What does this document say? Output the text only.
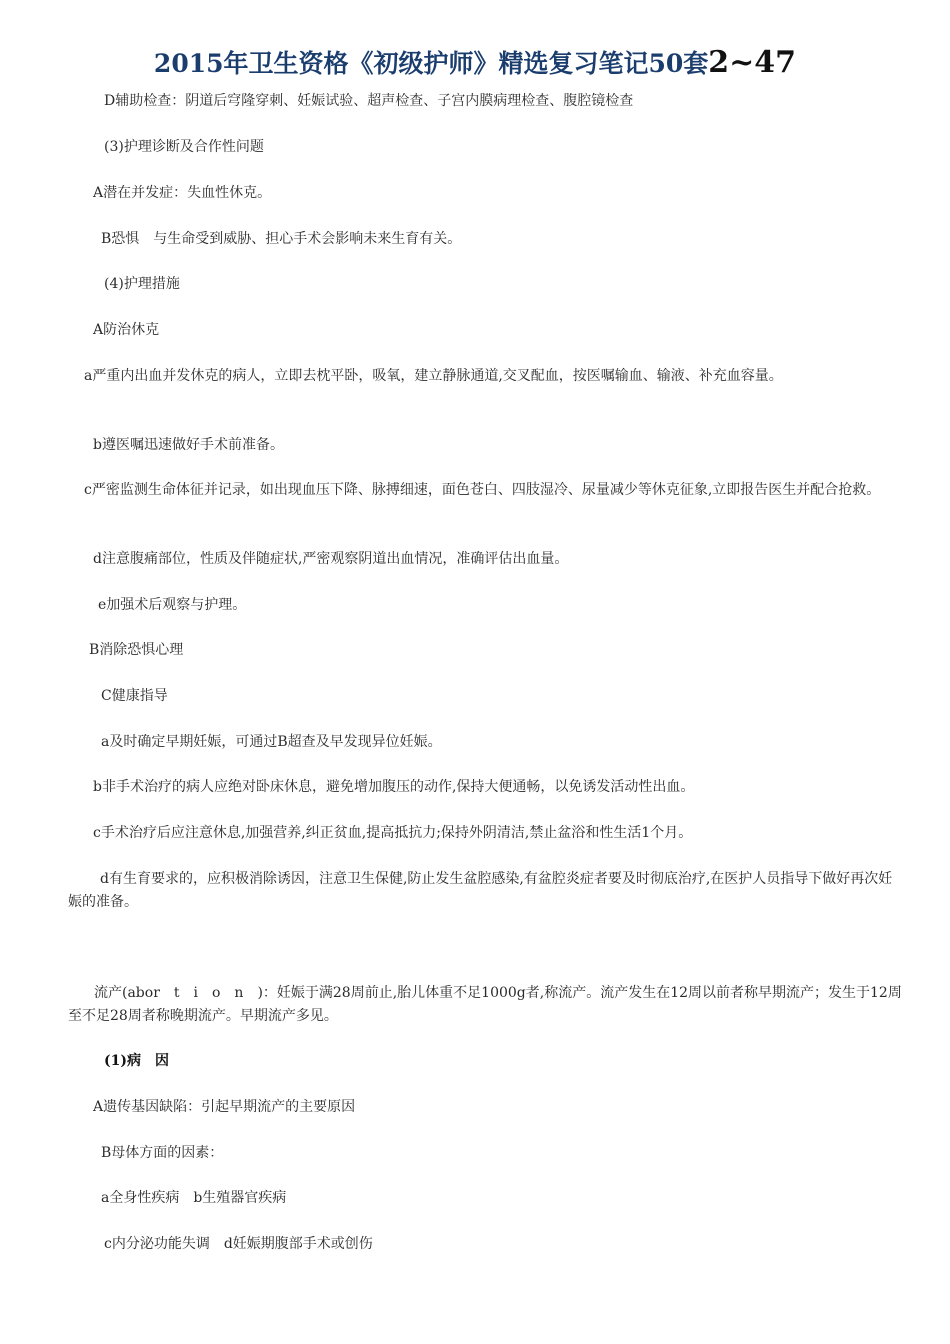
2015年卫生资格《初级护师》精选复习笔记50套2~47
D辅助检查：阴道后穹隆穿刺、妊娠试验、超声检查、子宫内膜病理检查、腹腔镜检查
(3)护理诊断及合作性问题
A潜在并发症：失血性休克。
B恐惧　与生命受到威胁、担心手术会影响未来生育有关。
(4)护理措施
A防治休克
a严重内出血并发休克的病人，立即去枕平卧，吸氧，建立静脉通道,交叉配血，按医嘱输血、输液、补充血容量。
b遵医嘱迅速做好手术前准备。
c严密监测生命体征并记录，如出现血压下降、脉搏细速，面色苍白、四肢湿冷、尿量减少等休克征象,立即报告医生并配合抢救。
d注意腹痛部位，性质及伴随症状,严密观察阴道出血情况，准确评估出血量。
e加强术后观察与护理。
B消除恐惧心理
C健康指导
a及时确定早期妊娠，可通过B超查及早发现异位妊娠。
b非手术治疗的病人应绝对卧床休息，避免增加腹压的动作,保持大便通畅，以免诱发活动性出血。
c手术治疗后应注意休息,加强营养,纠正贫血,提高抵抗力;保持外阴清洁,禁止盆浴和性生活1个月。
d有生育要求的，应积极消除诱因，注意卫生保健,防止发生盆腔感染,有盆腔炎症者要及时彻底治疗,在医护人员指导下做好再次妊娠的准备。
流产(abor　t　i　o　n　)：妊娠于满28周前止,胎儿体重不足1000g者,称流产。流产发生在12周以前者称早期流产；发生于12周至不足28周者称晚期流产。早期流产多见。
(1)病　因
A遗传基因缺陷：引起早期流产的主要原因
B母体方面的因素：
a全身性疾病　b生殖器官疾病
c内分泌功能失调　d妊娠期腹部手术或创伤
